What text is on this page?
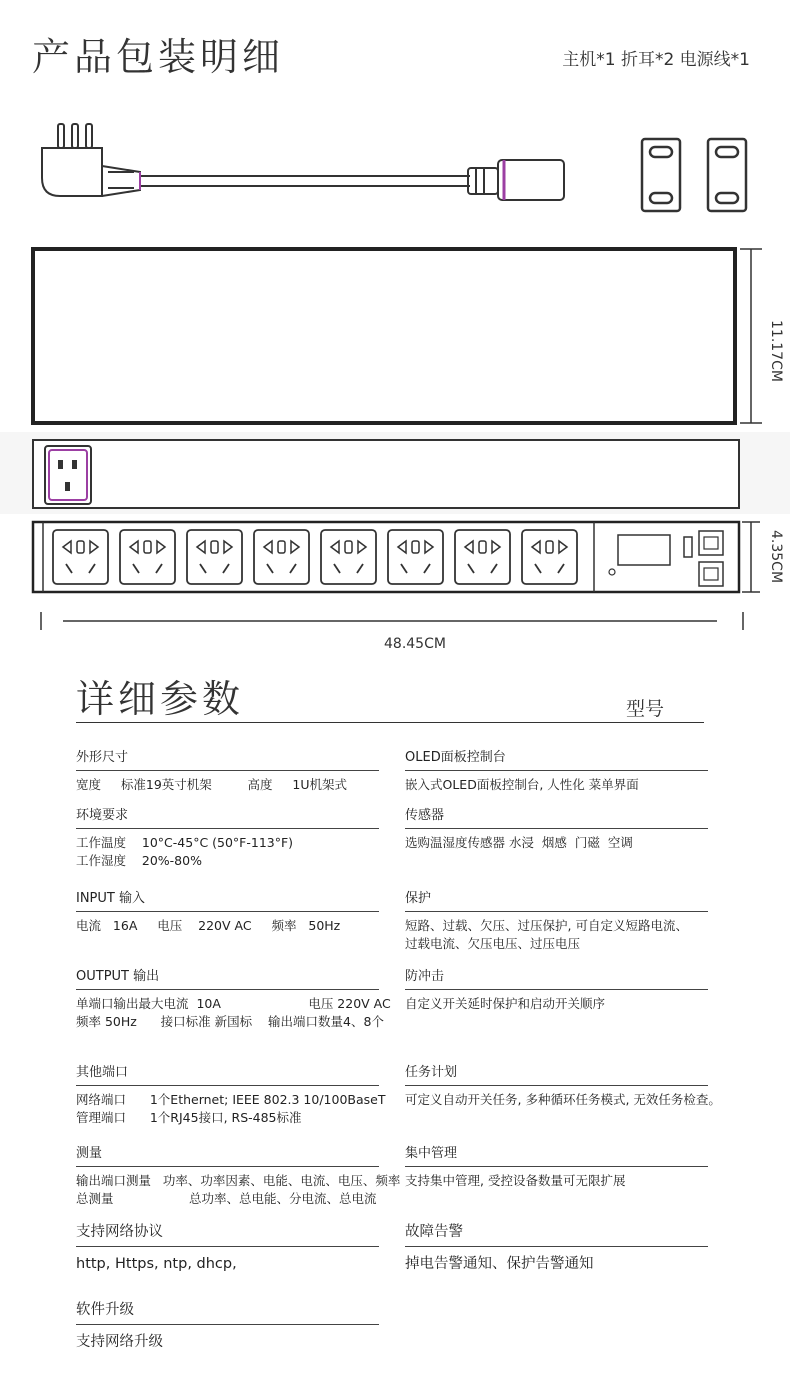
产品包装明细	主机*1 折耳*2 电源线*1
11.17CM
4.35CM
48.45CM
详细参数	型号
外形尺寸
宽度     标准19英寸机架         高度     1U机架式
环境要求
工作温度    10°C-45°C (50°F-113°F)
工作湿度    20%-80%
INPUT 输入
电流   16A     电压    220V AC     频率   50Hz
OUTPUT 输出
单端口输出最大电流  10A                      电压 220V AC
频率 50Hz      接口标准 新国标    输出端口数量4、8个
其他端口
网络端口      1个Ethernet; IEEE 802.3 10/100BaseT
管理端口      1个RJ45接口, RS-485标准
测量
输出端口测量   功率、功率因素、电能、电流、电压、频率
总测量                   总功率、总电能、分电流、总电流
支持网络协议
http, Https, ntp, dhcp,
软件升级
支持网络升级
OLED面板控制台
嵌入式OLED面板控制台, 人性化 菜单界面
传感器
选购温湿度传感器 水浸  烟感  门磁  空调
保护
短路、过载、欠压、过压保护, 可自定义短路电流、
过载电流、欠压电压、过压电压
防冲击
自定义开关延时保护和启动开关顺序
任务计划
可定义自动开关任务, 多种循环任务模式, 无效任务检查。
集中管理
支持集中管理, 受控设备数量可无限扩展
故障告警
掉电告警通知、保护告警通知
